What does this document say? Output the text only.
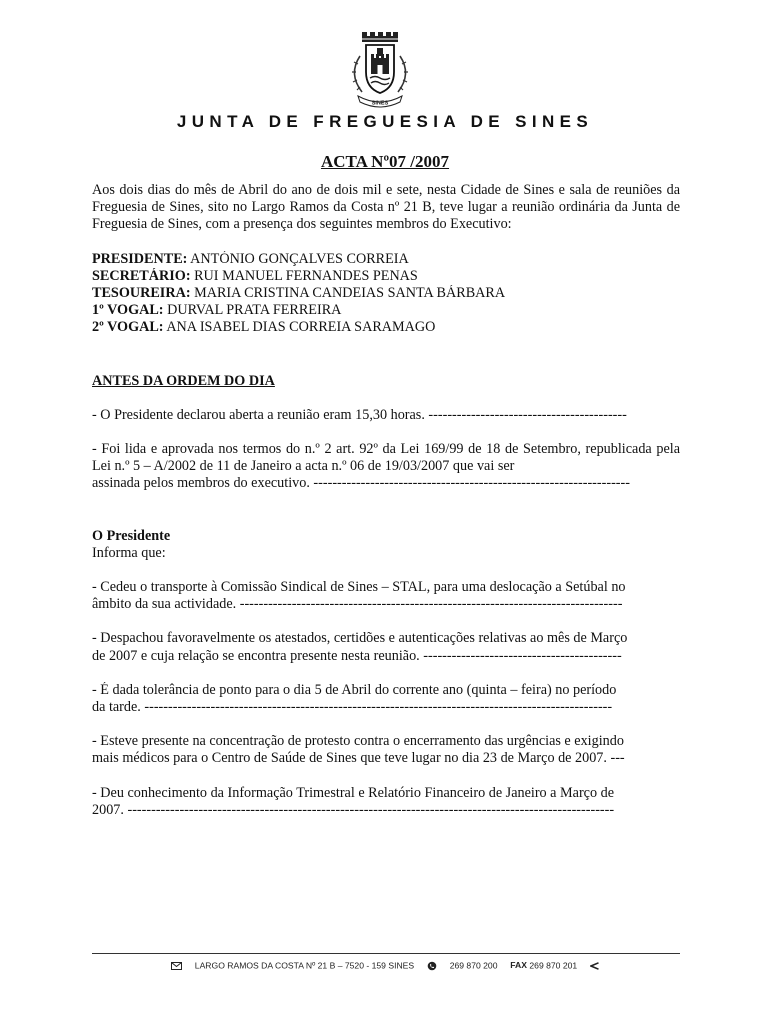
SINES
JUNTA DE FREGUESIA DE SINES
ACTA Nº07 /2007

Aos dois dias do mês de Abril do ano de dois mil e sete, nesta Cidade de Sines e sala de reuniões da Freguesia de Sines, sito no Largo Ramos da Costa nº 21 B, teve lugar a reunião ordinária da Junta de Freguesia de Sines, com a presença dos seguintes membros do Executivo:

PRESIDENTE: ANTÓNIO GONÇALVES CORREIA

SECRETÁRIO: RUI MANUEL FERNANDES PENAS

TESOUREIRA: MARIA CRISTINA CANDEIAS SANTA BÁRBARA

1º VOGAL: DURVAL PRATA FERREIRA

2º VOGAL: ANA ISABEL DIAS CORREIA SARAMAGO

ANTES DA ORDEM DO DIA

- O Presidente declarou aberta a reunião eram 15,30 horas. ------------------------------------------

- Foi lida e aprovada nos termos do n.º 2 art. 92º da Lei 169/99 de 18 de Setembro, republicada pela Lei n.º 5 – A/2002 de 11 de Janeiro a acta n.º 06 de 19/03/2007 que vai ser

assinada pelos membros do executivo. -------------------------------------------------------------------

O Presidente

Informa que:

- Cedeu o transporte à Comissão Sindical de Sines – STAL, para uma deslocação a Setúbal no

âmbito da sua actividade. ---------------------------------------------------------------------------------

- Despachou favoravelmente os atestados, certidões e autenticações relativas ao mês de Março

de 2007 e cuja relação se encontra presente nesta reunião. ------------------------------------------

- É dada tolerância de ponto para o dia 5 de Abril do corrente ano (quinta – feira) no período

da tarde. ---------------------------------------------------------------------------------------------------

- Esteve presente na concentração de protesto contra o encerramento das urgências e exigindo

mais médicos para o Centro de Saúde de Sines que teve lugar no dia 23 de Março de 2007. ---

- Deu conhecimento da Informação Trimestral e Relatório Financeiro de Janeiro a Março de

2007. -------------------------------------------------------------------------------------------------------

LARGO RAMOS DA COSTA Nº 21 B – 7520 - 159 SINES	269 870 200 FAX 269 870 201
